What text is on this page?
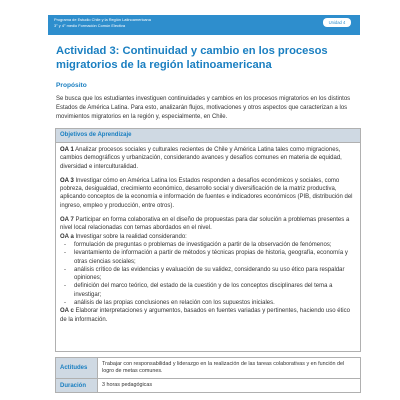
Programa de Estudio Chile y la Región Latinoamericana
3° y 4° medio Formación Común Electiva
Unidad 4
Actividad 3: Continuidad y cambio en los procesos migratorios de la región latinoamericana
Propósito
Se busca que los estudiantes investiguen continuidades y cambios en los procesos migratorios en los distintos Estados de América Latina. Para esto, analizarán flujos, motivaciones y otros aspectos que caracterizan a los movimientos migratorios en la región y, especialmente, en Chile.
Objetivos de Aprendizaje

OA 1 Analizar procesos sociales y culturales recientes de Chile y América Latina tales como migraciones, cambios demográficos y urbanización, considerando avances y desafíos comunes en materia de equidad, diversidad e interculturalidad.

OA 3 Investigar cómo en América Latina los Estados responden a desafíos económicos y sociales, como pobreza, desigualdad, crecimiento económico, desarrollo social y diversificación de la matriz productiva, aplicando conceptos de la economía e información de fuentes e indicadores económicos (PIB, distribución del ingreso, empleo y producción, entre otros).

OA 7 Participar en forma colaborativa en el diseño de propuestas para dar solución a problemas presentes a nivel local relacionadas con temas abordados en el nivel.

OA a Investigar sobre la realidad considerando:

- formulación de preguntas o problemas de investigación a partir de la observación de fenómenos;
- levantamiento de información a partir de métodos y técnicas propias de historia, geografía, economía y otras ciencias sociales;
- análisis crítico de las evidencias y evaluación de su validez, considerando su uso ético para respaldar opiniones;
- definición del marco teórico, del estado de la cuestión y de los conceptos disciplinares del tema a investigar;
- análisis de las propias conclusiones en relación con los supuestos iniciales.

OA c Elaborar interpretaciones y argumentos, basados en fuentes variadas y pertinentes, haciendo uso ético de la información.

Actitudes	Trabajar con responsabilidad y liderazgo en la realización de las tareas colaborativas y en función del logro de metas comunes.
Duración	3 horas pedagógicas
